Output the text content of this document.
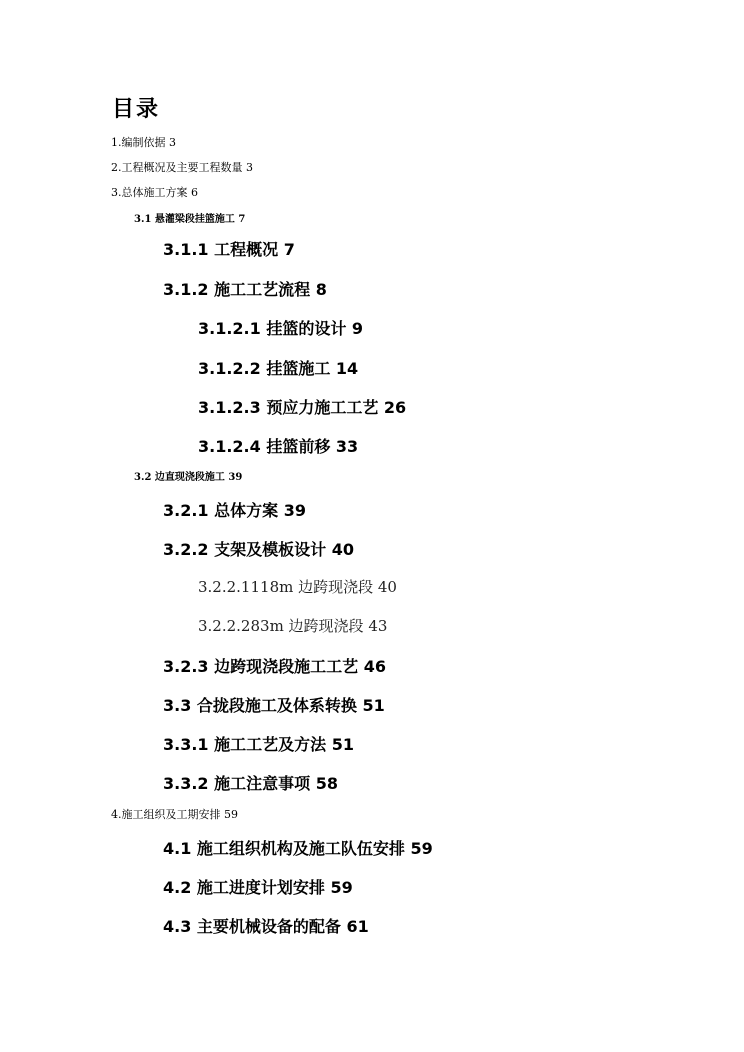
目录
1.编制依据 3
2.工程概况及主要工程数量 3
3.总体施工方案 6
3.1 悬灌梁段挂篮施工 7
3.1.1 工程概况 7
3.1.2 施工工艺流程 8
3.1.2.1 挂篮的设计 9
3.1.2.2 挂篮施工 14
3.1.2.3 预应力施工工艺 26
3.1.2.4 挂篮前移 33
3.2 边直现浇段施工 39
3.2.1 总体方案 39
3.2.2 支架及模板设计 40
3.2.2.1118m 边跨现浇段 40
3.2.2.283m 边跨现浇段 43
3.2.3 边跨现浇段施工工艺 46
3.3 合拢段施工及体系转换 51
3.3.1 施工工艺及方法 51
3.3.2 施工注意事项 58
4.施工组织及工期安排 59
4.1 施工组织机构及施工队伍安排 59
4.2 施工进度计划安排 59
4.3 主要机械设备的配备 61
